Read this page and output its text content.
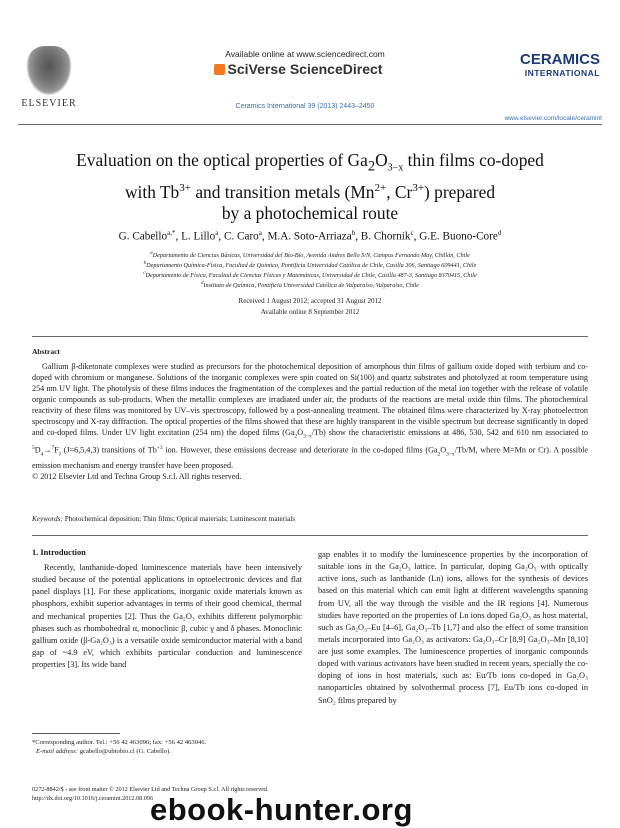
ELSEVIER
Available online at www.sciencedirect.com
SciVerse ScienceDirect
Ceramics International 39 (2013) 2443–2450
CERAMICS
INTERNATIONAL
www.elsevier.com/locate/ceramint
Evaluation on the optical properties of $Ga_2O_{3-x}$ thin films co-doped
with $Tb^{3+}$ and transition metals ($Mn^{2+}$, $Cr^{3+}$) prepared
by a photochemical route
G. Cabello$^{a,*}$, L. Lillo$^a$, C. Caro$^a$, M.A. Soto-Arriaza$^b$, B. Chornik$^c$, G.E. Buono-Core$^d$
$^a$Departamento de Ciencias Básicas, Universidad del Bío-Bío, Avenida Andres Bello S/N, Campus Fernando May, Chillán, Chile
$^b$Departamento Química-Física, Facultad de Química, Pontificia Universidad Católica de Chile, Casilla 306, Santiago 609441, Chile
$^c$Departamento de Física, Facultad de Ciencias Físicas y Matemáticas, Universidad de Chile, Casilla 487-3, Santiago 8370415, Chile
$^d$Instituto de Química, Pontificia Universidad Católica de Valparaíso, Valparaíso, Chile
Received 1 August 2012; accepted 31 August 2012
Available online 8 September 2012
Abstract
Gallium β-diketonate complexes were studied as precursors for the photochemical deposition of amorphous thin films of gallium oxide doped with terbium and co-doped with chromium or manganese. Solutions of the inorganic complexes were spin coated on Si(100) and quartz substrates and photolyzed at room temperature using 254 nm UV light. The photolysis of these films induces the fragmentation of the complexes and the partial reduction of the metal ion together with the release of volatile organic compounds as sub-products. When the metallic complexes are irradiated under air, the products of the reactions are metal oxide thin films. The photochemical reactivity of these films was monitored by UV–vis spectroscopy, followed by a post-annealing treatment. The obtained films were characterized by X-ray photoelectron spectroscopy and X-ray diffraction. The optical properties of the films showed that these are highly transparent in the visible spectrum but decrease significantly in doped and co-doped films. Under UV light excitation (254 nm) the doped films $(Ga_2O_{3-x}/Tb)$ show the characteristic emissions at 486, 530, 542 and 610 nm associated to $^5D_4\to^7F_J$ (J=6,5,4,3) transitions of $Tb^{+3}$ ion. However, these emissions decrease and deteriorate in the co-doped films ($Ga_2O_{3-x}/Tb/M$, where M=Mn or Cr). A possible emission mechanism and energy transfer have been proposed.
© 2012 Elsevier Ltd and Techna Group S.r.l. All rights reserved.
Keywords: Photochemical deposition; Thin films; Optical materials; Luminescent materials
1. Introduction

Recently, lanthanide-doped luminescence materials have been intensively studied because of the potential applications in optoelectronic devices and flat panel displays [1]. For these applications, inorganic oxide materials known as phosphors, exhibit superior advantages in terms of their good chemical, thermal and mechanical properties [2]. Thus the Ga₂O₃ exhibits different polymorphic phases such as rhombohedral α, monoclinic β, cubic γ and δ phases. Monoclinic gallium oxide (β-Ga₂O₃) is a versatile oxide semiconductor material with a band gap of ~4.9 eV, which exhibits particular conduction and luminescence properties [3]. Its wide band

gap enables it to modify the luminescence properties by the incorporation of suitable ions in the Ga₂O₃ lattice. In particular, doping Ga₂O₃ with optically active ions, such as lanthanide (Ln) ions, allows for the synthesis of devices based on this material which can emit light at different wavelengths spanning from UV, all the way through the visible and the IR regions [4]. Numerous studies have reported on the properties of Ln ions doped Ga₂O₃ as host material, such as Ga₂O₃–Eu [4–6], Ga₂O₃–Tb [1,7] and also the effect of some transition metals incorporated into Ga₂O₃ as activators: Ga₂O₃–Cr [8,9] Ga₂O₃–Mn [8,10] are just some examples. The luminescence properties of inorganic compounds doped with various activators have been studied in recent years, specially the co-doping of ions in host materials, such as: Eu/Tb ions co-doped in Ga₂O₃ nanoparticles obtained by solvothermal process [7], Eu/Tb ions co-doped in SnO₂ films prepared by

*Corresponding author. Tel.: +56 42 463096; fax: +56 42 463046.
E-mail address: gcabello@ubiobio.cl (G. Cabello).
0272-8842/$ - see front matter © 2012 Elsevier Ltd and Techna Group S.r.l. All rights reserved.
http://dx.doi.org/10.1016/j.ceramint.2012.08.096
ebook-hunter.org
